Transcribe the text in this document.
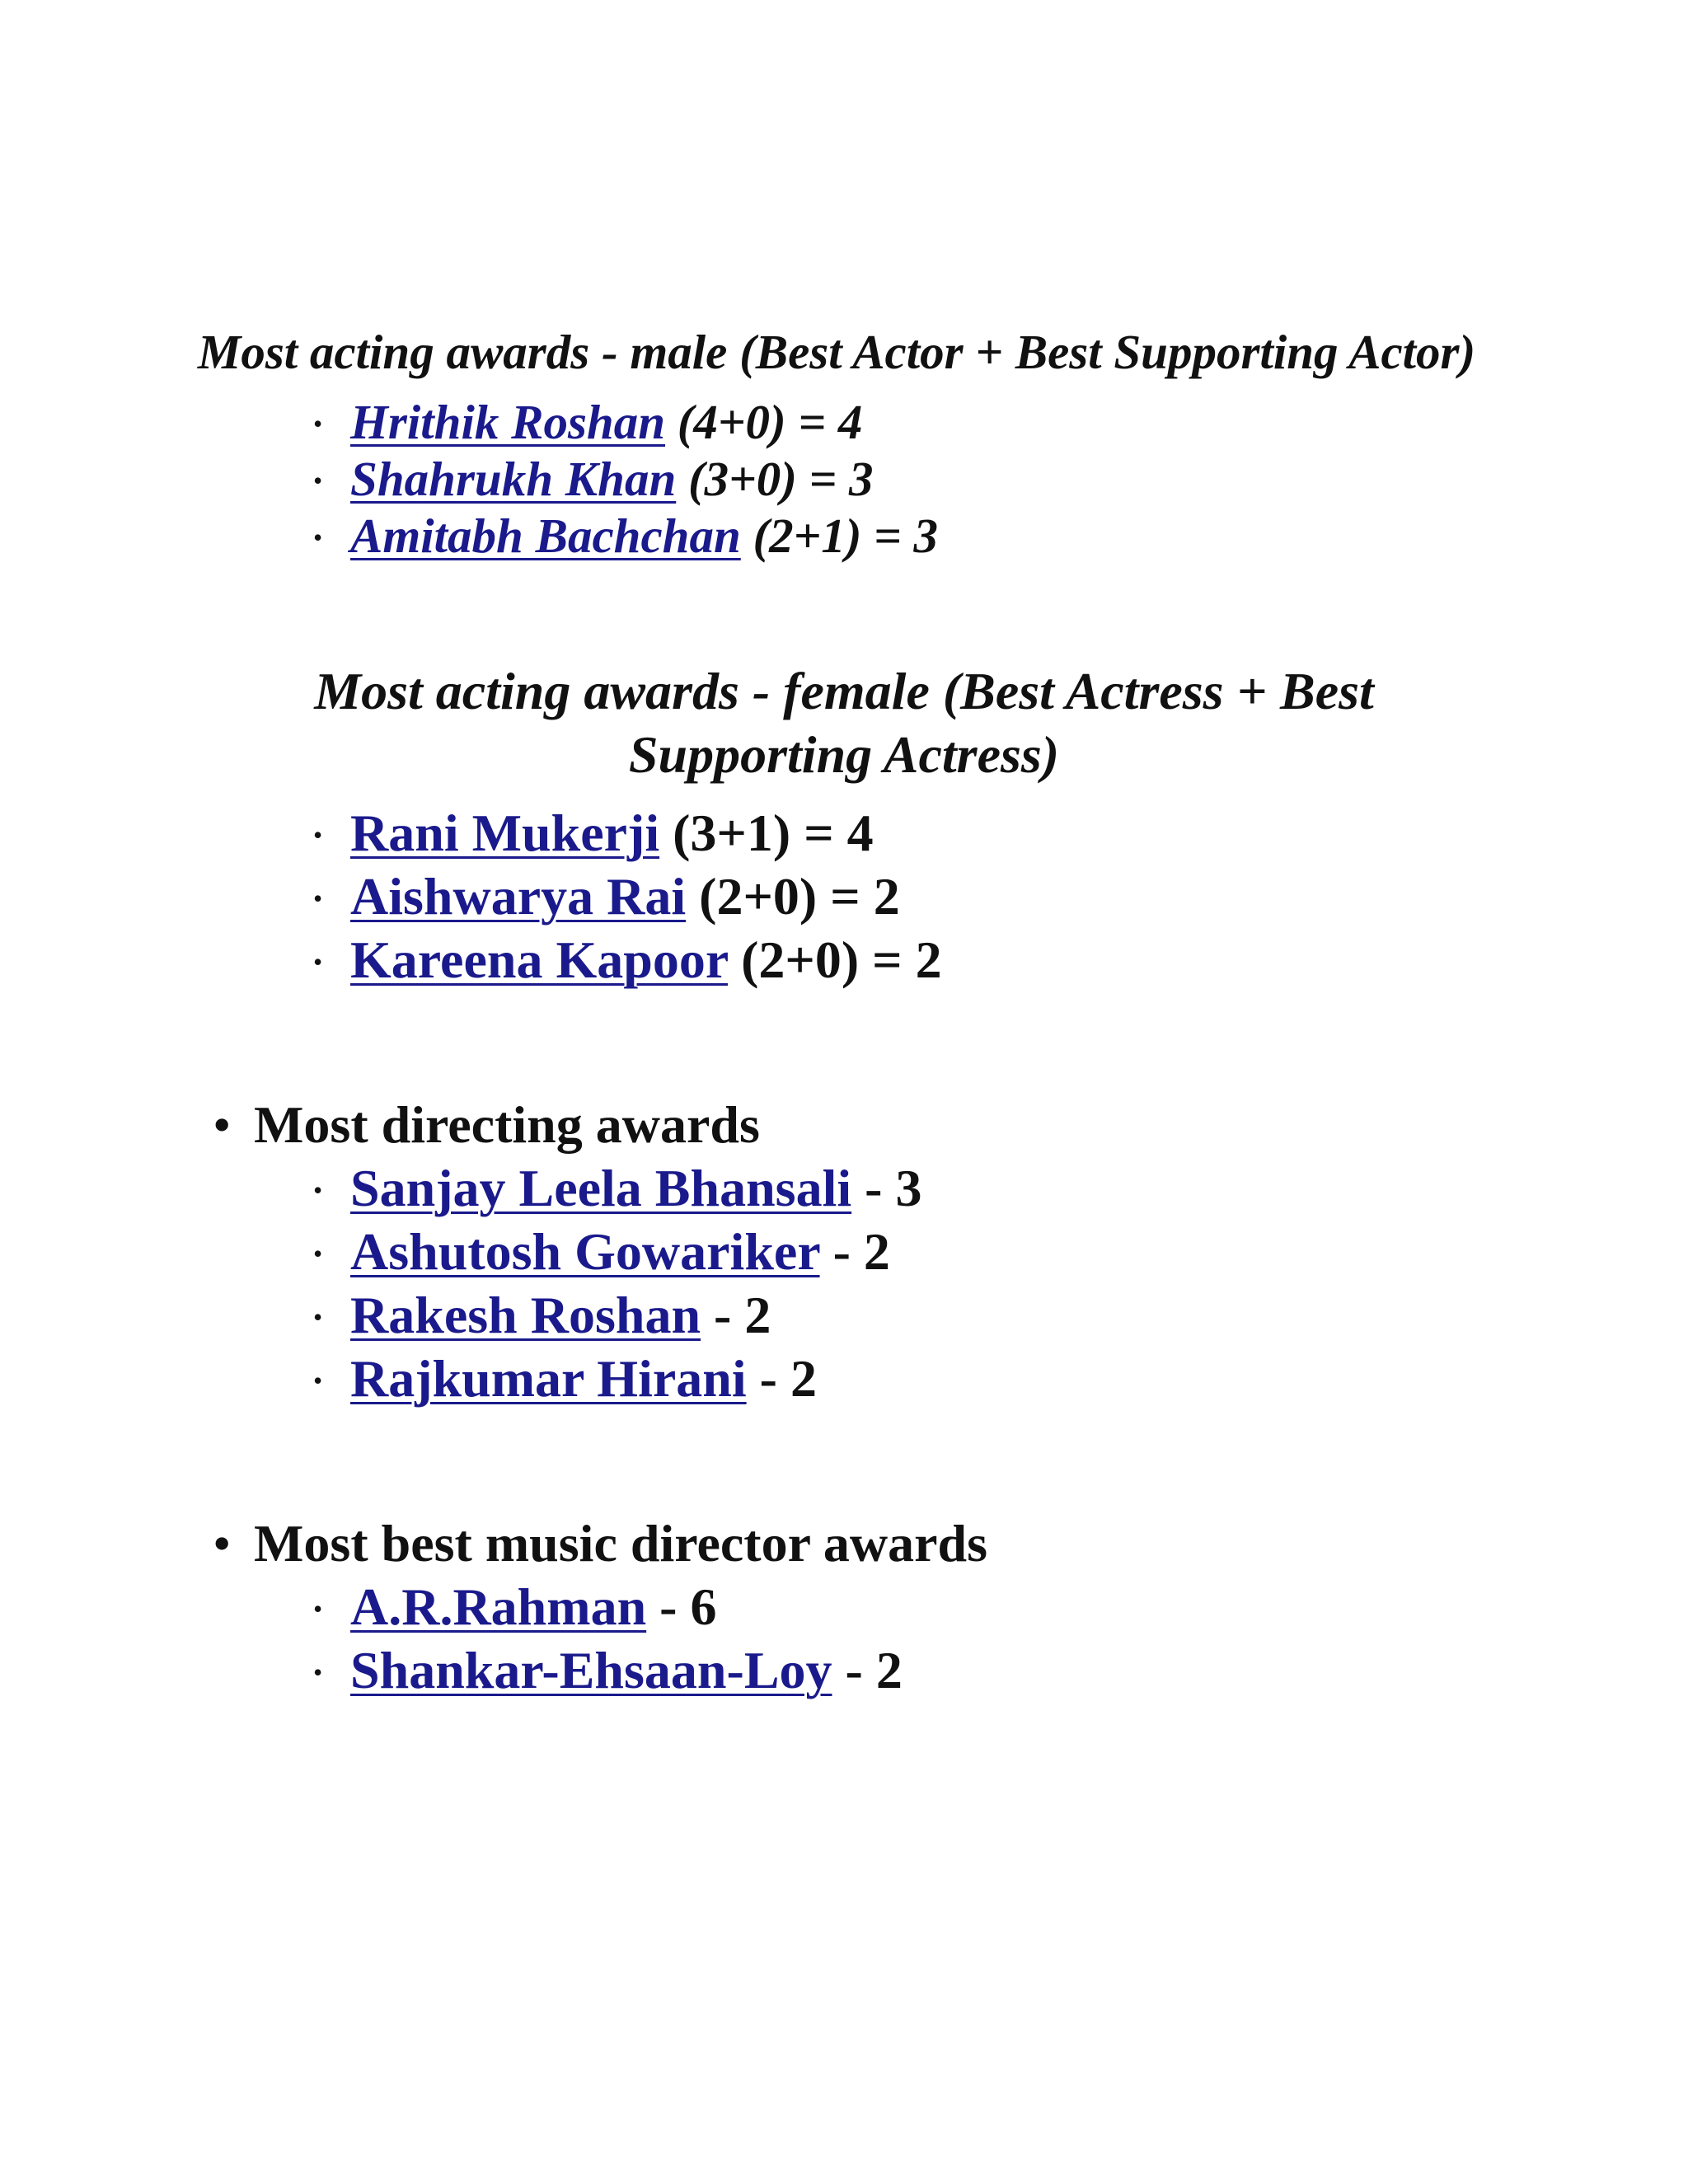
Most acting awards - male (Best Actor + Best Supporting Actor)
• Hrithik Roshan (4+0) = 4
• Shahrukh Khan (3+0) = 3
• Amitabh Bachchan (2+1) = 3
Most acting awards - female (Best Actress + Best
Supporting Actress)
• Rani Mukerji (3+1) = 4
• Aishwarya Rai (2+0) = 2
• Kareena Kapoor (2+0) = 2
• Most directing awards
• Sanjay Leela Bhansali - 3
• Ashutosh Gowariker - 2
• Rakesh Roshan - 2
• Rajkumar Hirani - 2
• Most best music director awards
• A.R.Rahman - 6
• Shankar-Ehsaan-Loy - 2
